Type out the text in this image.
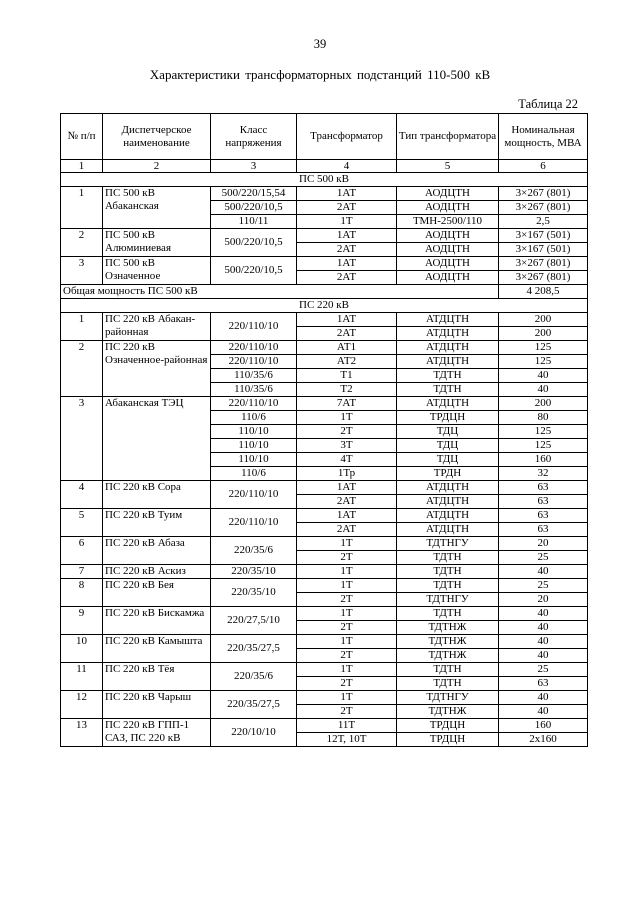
39
Характеристики трансформаторных подстанций 110-500 кВ
Таблица 22
№ п/п	Диспетчерское наименование	Класс напряжения	Трансформатор	Тип трансформатора	Номинальная мощность, МВА
1	2	3	4	5	6
ПС 500 кВ					
1	ПС 500 кВ Абаканская	500/220/15,54	1АТ	АОДЦТН	3×267 (801)
		500/220/10,5	2АТ	АОДЦТН	3×267 (801)
		110/11	1Т	ТМН-2500/110	2,5
2	ПС 500 кВ Алюминиевая	500/220/10,5	1АТ	АОДЦТН	3×167 (501)
			2АТ	АОДЦТН	3×167 (501)
3	ПС 500 кВ Означенное	500/220/10,5	1АТ	АОДЦТН	3×267 (801)
			2АТ	АОДЦТН	3×267 (801)
Общая мощность ПС 500 кВ					4 208,5
ПС 220 кВ					
1	ПС 220 кВ Абакан-районная	220/110/10	1АТ	АТДЦТН	200
			2АТ	АТДЦТН	200
2	ПС 220 кВ Означенное-районная	220/110/10	АТ1	АТДЦТН	125
		220/110/10	АТ2	АТДЦТН	125
		110/35/6	Т1	ТДТН	40
		110/35/6	Т2	ТДТН	40
3	Абаканская ТЭЦ	220/110/10	7АТ	АТДЦТН	200
		110/6	1Т	ТРДЦН	80
		110/10	2Т	ТДЦ	125
		110/10	3Т	ТДЦ	125
		110/10	4Т	ТДЦ	160
		110/6	1Тр	ТРДН	32
4	ПС 220 кВ Сора	220/110/10	1АТ	АТДЦТН	63
			2АТ	АТДЦТН	63
5	ПС 220 кВ Туим	220/110/10	1АТ	АТДЦТН	63
			2АТ	АТДЦТН	63
6	ПС 220 кВ Абаза	220/35/6	1Т	ТДТНГУ	20
			2Т	ТДТН	25
7	ПС 220 кВ Аскиз	220/35/10	1Т	ТДТН	40
8	ПС 220 кВ Бея	220/35/10	1Т	ТДТН	25
			2Т	ТДТНГУ	20
9	ПС 220 кВ Бискамжа	220/27,5/10	1Т	ТДТН	40
			2Т	ТДТНЖ	40
10	ПС 220 кВ Камышта	220/35/27,5	1Т	ТДТНЖ	40
			2Т	ТДТНЖ	40
11	ПС 220 кВ Тёя	220/35/6	1Т	ТДТН	25
			2Т	ТДТН	63
12	ПС 220 кВ Чарыш	220/35/27,5	1Т	ТДТНГУ	40
			2Т	ТДТНЖ	40
13	ПС 220 кВ ГПП-1 САЗ, ПС 220 кВ	220/10/10	11Т	ТРДЦН	160
			12Т, 10Т	ТРДЦН	2х160
